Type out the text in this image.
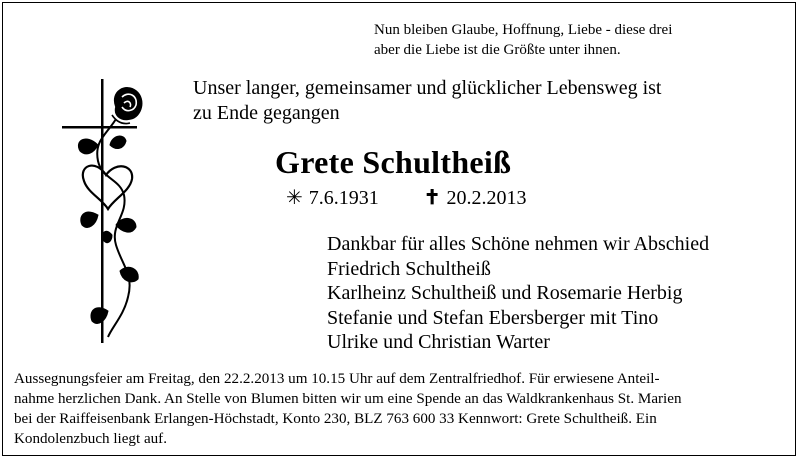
Nun bleiben Glaube, Hoffnung, Liebe - diese drei
aber die Liebe ist die Größte unter ihnen.
Unser langer, gemeinsamer und glücklicher Lebensweg ist
zu Ende gegangen
Grete Schultheiß
✳ 7.6.1931 ✝ 20.2.2013
Dankbar für alles Schöne nehmen wir Abschied
Friedrich Schultheiß
Karlheinz Schultheiß und Rosemarie Herbig
Stefanie und Stefan Ebersberger mit Tino
Ulrike und Christian Warter
Aussegnungsfeier am Freitag, den 22.2.2013 um 10.15 Uhr auf dem Zentralfriedhof. Für erwiesene Anteil-
nahme herzlichen Dank. An Stelle von Blumen bitten wir um eine Spende an das Waldkrankenhaus St. Marien
bei der Raiffeisenbank Erlangen-Höchstadt, Konto 230, BLZ 763 600 33 Kennwort: Grete Schultheiß. Ein
Kondolenzbuch liegt auf.
